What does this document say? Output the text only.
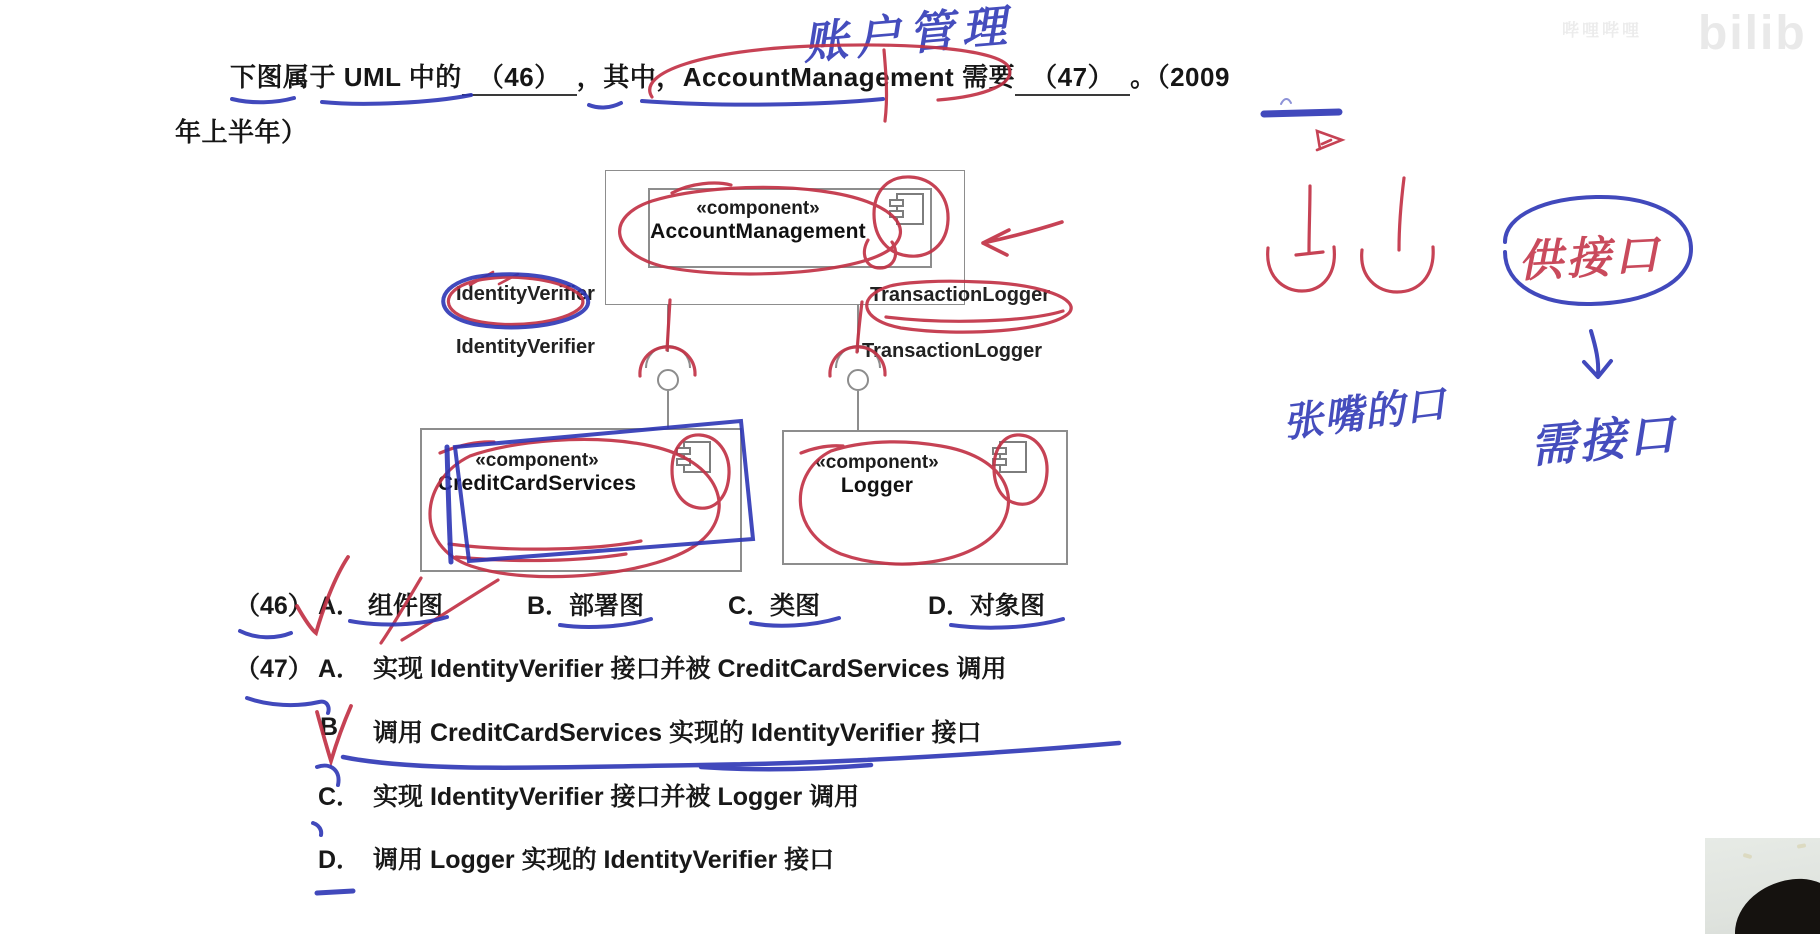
哔哩哔哩 bilib
下图属于 UML 中的 （46） ，其中，AccountManagement 需要 （47） 。（2009
年上半年）
账户管理
«component»
AccountManagement
IdentityVerifier	TransactionLogger
IdentityVerifier	TransactionLogger
«component»
CreditCardServices
«component»
Logger
（46） A． 组件图	B．
部署图	C．
类图	D．
对象图
（47） A． 实现 IdentityVerifier 接口并被 CreditCardServices 调用
B 调用 CreditCardServices 实现的 IdentityVerifier 接口
C． 实现 IdentityVerifier 接口并被 Logger 调用
D． 调用 Logger 实现的 IdentityVerifier 接口
供接口
需接口
张嘴的口
